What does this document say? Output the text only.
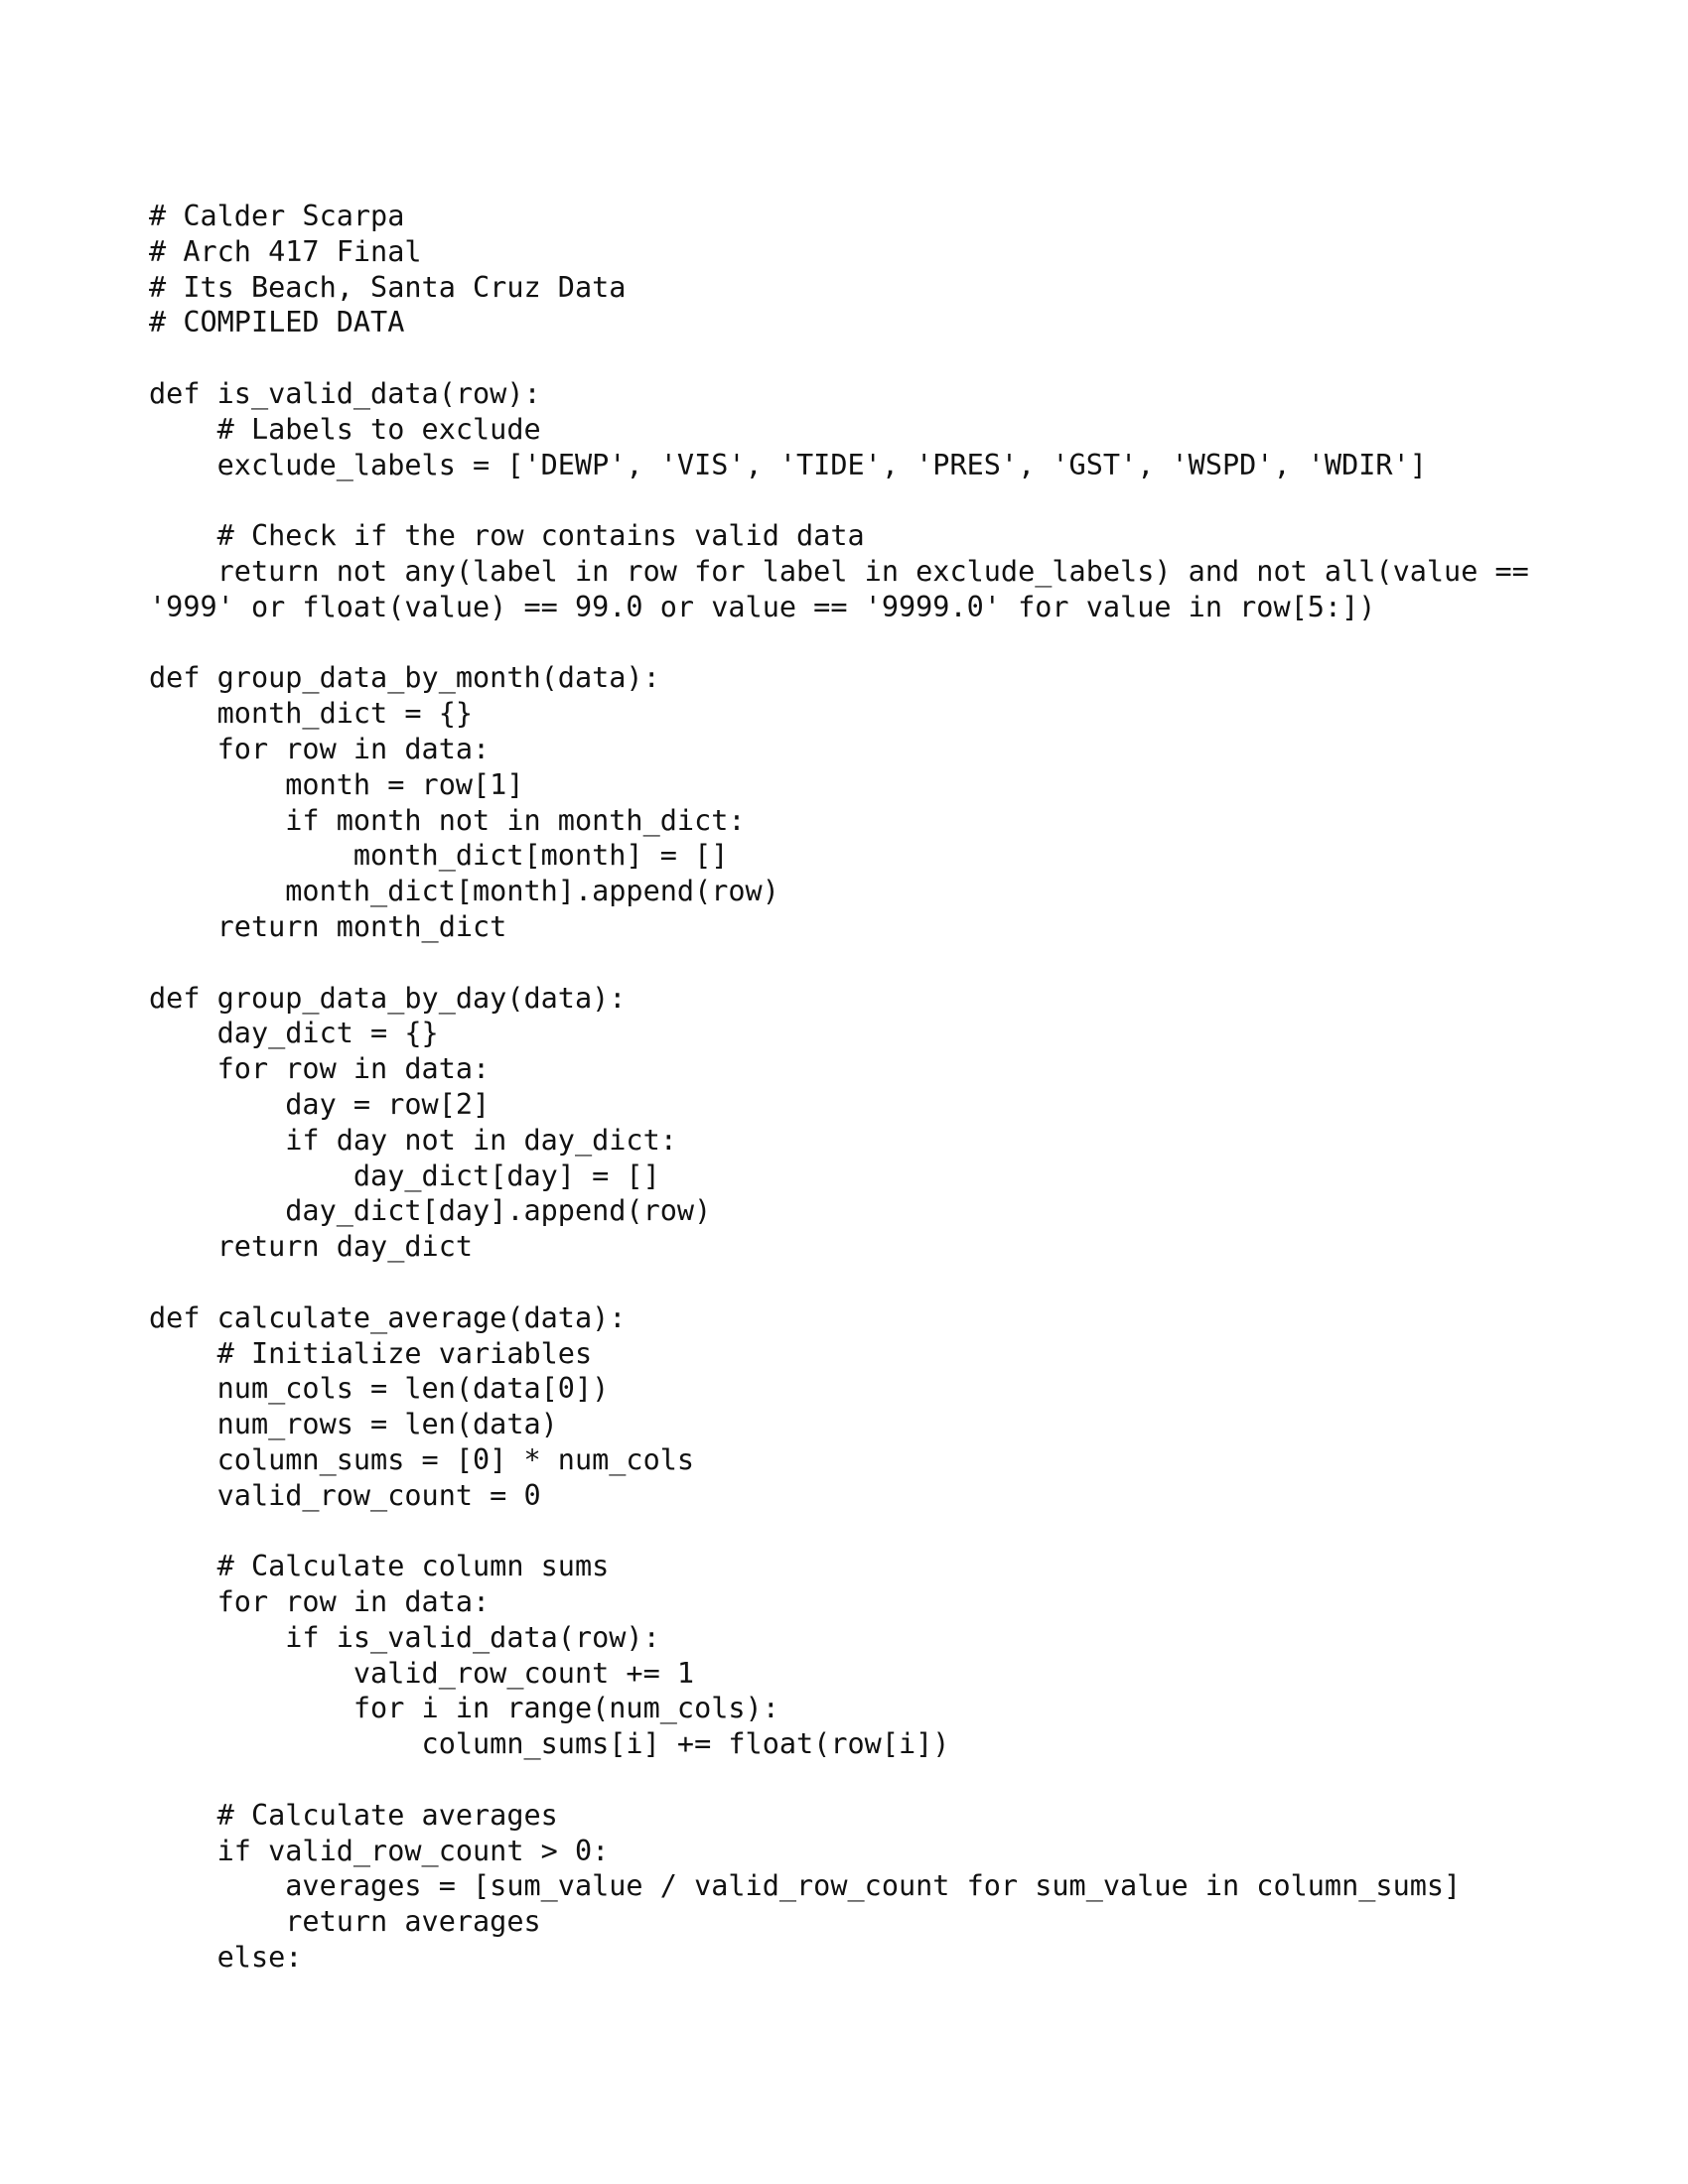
# Calder Scarpa
# Arch 417 Final
# Its Beach, Santa Cruz Data
# COMPILED DATA
def is_valid_data(row):
# Labels to exclude
exclude_labels = ['DEWP', 'VIS', 'TIDE', 'PRES', 'GST', 'WSPD', 'WDIR']
# Check if the row contains valid data
return not any(label in row for label in exclude_labels) and not all(value ==
'999' or float(value) == 99.0 or value == '9999.0' for value in row[5:])
def group_data_by_month(data):
month_dict = {}
for row in data:
month = row[1]
if month not in month_dict:
month_dict[month] = []
month_dict[month].append(row)
return month_dict
def group_data_by_day(data):
day_dict = {}
for row in data:
day = row[2]
if day not in day_dict:
day_dict[day] = []
day_dict[day].append(row)
return day_dict
def calculate_average(data):
# Initialize variables
num_cols = len(data[0])
num_rows = len(data)
column_sums = [0] * num_cols
valid_row_count = 0
# Calculate column sums
for row in data:
if is_valid_data(row):
valid_row_count += 1
for i in range(num_cols):
column_sums[i] += float(row[i])
# Calculate averages
if valid_row_count > 0:
averages = [sum_value / valid_row_count for sum_value in column_sums]
return averages
else:
